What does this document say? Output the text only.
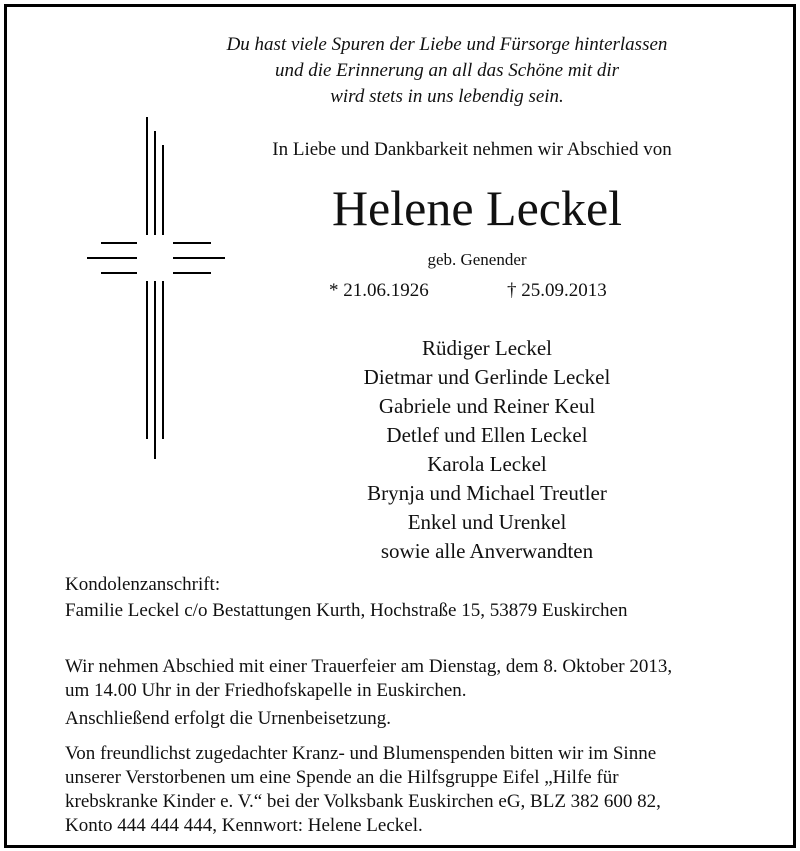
Du hast viele Spuren der Liebe und Fürsorge hinterlassen
und die Erinnerung an all das Schöne mit dir
wird stets in uns lebendig sein.
In Liebe und Dankbarkeit nehmen wir Abschied von
Helene Leckel
geb. Genender
* 21.06.1926	† 25.09.2013
Rüdiger Leckel
Dietmar und Gerlinde Leckel
Gabriele und Reiner Keul
Detlef und Ellen Leckel
Karola Leckel
Brynja und Michael Treutler
Enkel und Urenkel
sowie alle Anverwandten
Kondolenzanschrift:
Familie Leckel c/o Bestattungen Kurth, Hochstraße 15, 53879 Euskirchen
Wir nehmen Abschied mit einer Trauerfeier am Dienstag, dem 8. Oktober 2013,
um 14.00 Uhr in der Friedhofskapelle in Euskirchen.
Anschließend erfolgt die Urnenbeisetzung.
Von freundlichst zugedachter Kranz- und Blumenspenden bitten wir im Sinne
unserer Verstorbenen um eine Spende an die Hilfsgruppe Eifel „Hilfe für
krebskranke Kinder e. V.“ bei der Volksbank Euskirchen eG, BLZ 382 600 82,
Konto 444 444 444, Kennwort: Helene Leckel.
